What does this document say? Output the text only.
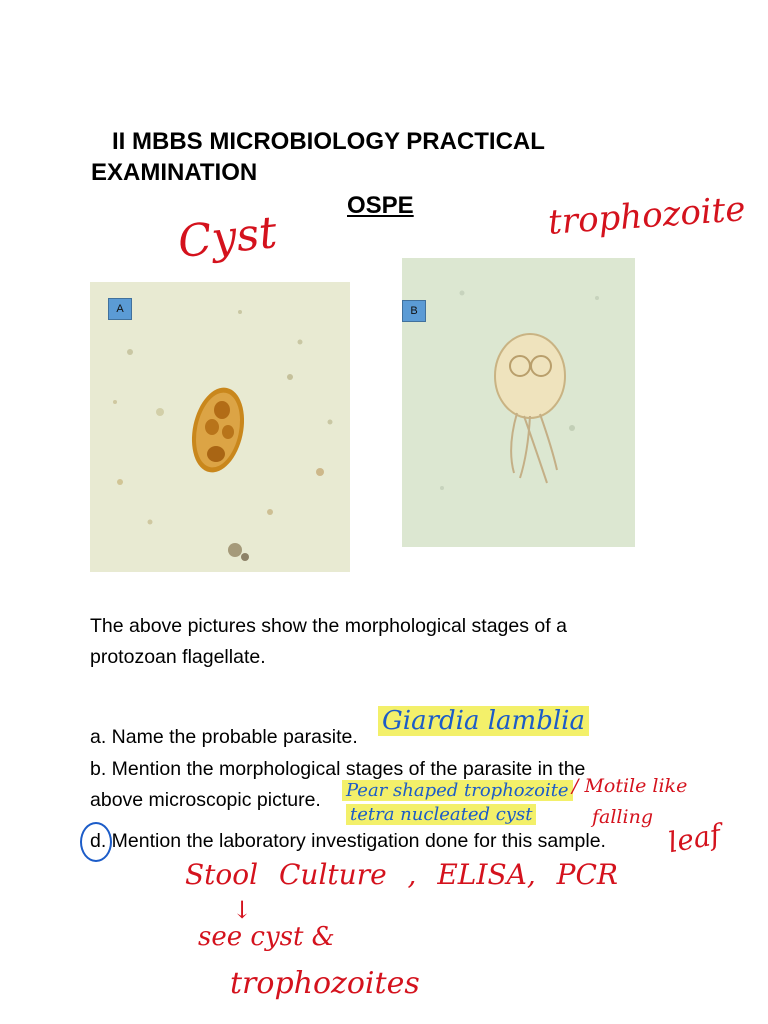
II MBBS MICROBIOLOGY PRACTICAL
EXAMINATION
OSPE
Cyst	trophozoite
A	B
The above pictures show the morphological stages of a protozoan flagellate.
a. Name the probable parasite.
Giardia lamblia
b. Mention the morphological stages of the parasite in the
above microscopic picture. Pear shaped trophozoite
tetra nucleated cyst
/ Motile like
falling
leaf
d. Mention the laboratory investigation done for this sample.
Stool Culture , ELISA, PCR
↓
see cyst &
trophozoites
